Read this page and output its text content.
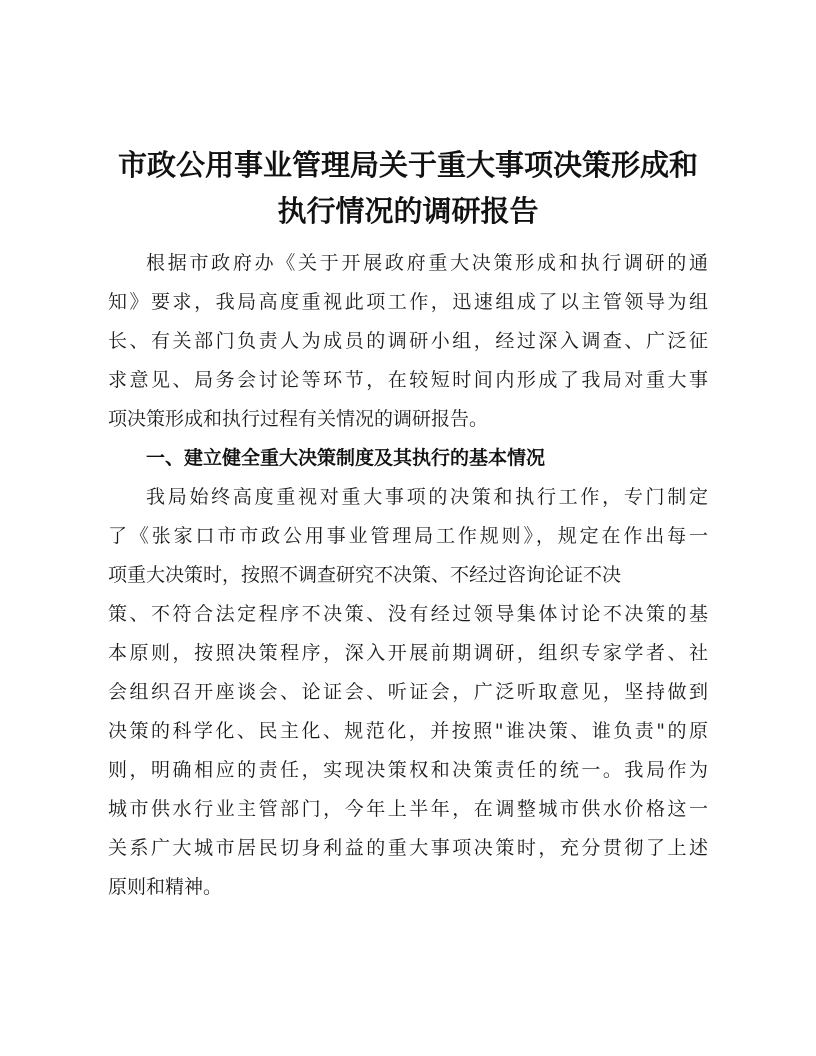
市政公用事业管理局关于重大事项决策形成和
执行情况的调研报告
根据市政府办《关于开展政府重大决策形成和执行调研的通
知》要求，我局高度重视此项工作，迅速组成了以主管领导为组
长、有关部门负责人为成员的调研小组，经过深入调查、广泛征
求意见、局务会讨论等环节，在较短时间内形成了我局对重大事
项决策形成和执行过程有关情况的调研报告。
一、建立健全重大决策制度及其执行的基本情况
我局始终高度重视对重大事项的决策和执行工作，专门制定
了《张家口市市政公用事业管理局工作规则》，规定在作出每一
项重大决策时，按照不调查研究不决策、不经过咨询论证不决
策、不符合法定程序不决策、没有经过领导集体讨论不决策的基
本原则，按照决策程序，深入开展前期调研，组织专家学者、社
会组织召开座谈会、论证会、听证会，广泛听取意见，坚持做到
决策的科学化、民主化、规范化，并按照"谁决策、谁负责"的原
则，明确相应的责任，实现决策权和决策责任的统一。我局作为
城市供水行业主管部门，今年上半年，在调整城市供水价格这一
关系广大城市居民切身利益的重大事项决策时，充分贯彻了上述
原则和精神。
